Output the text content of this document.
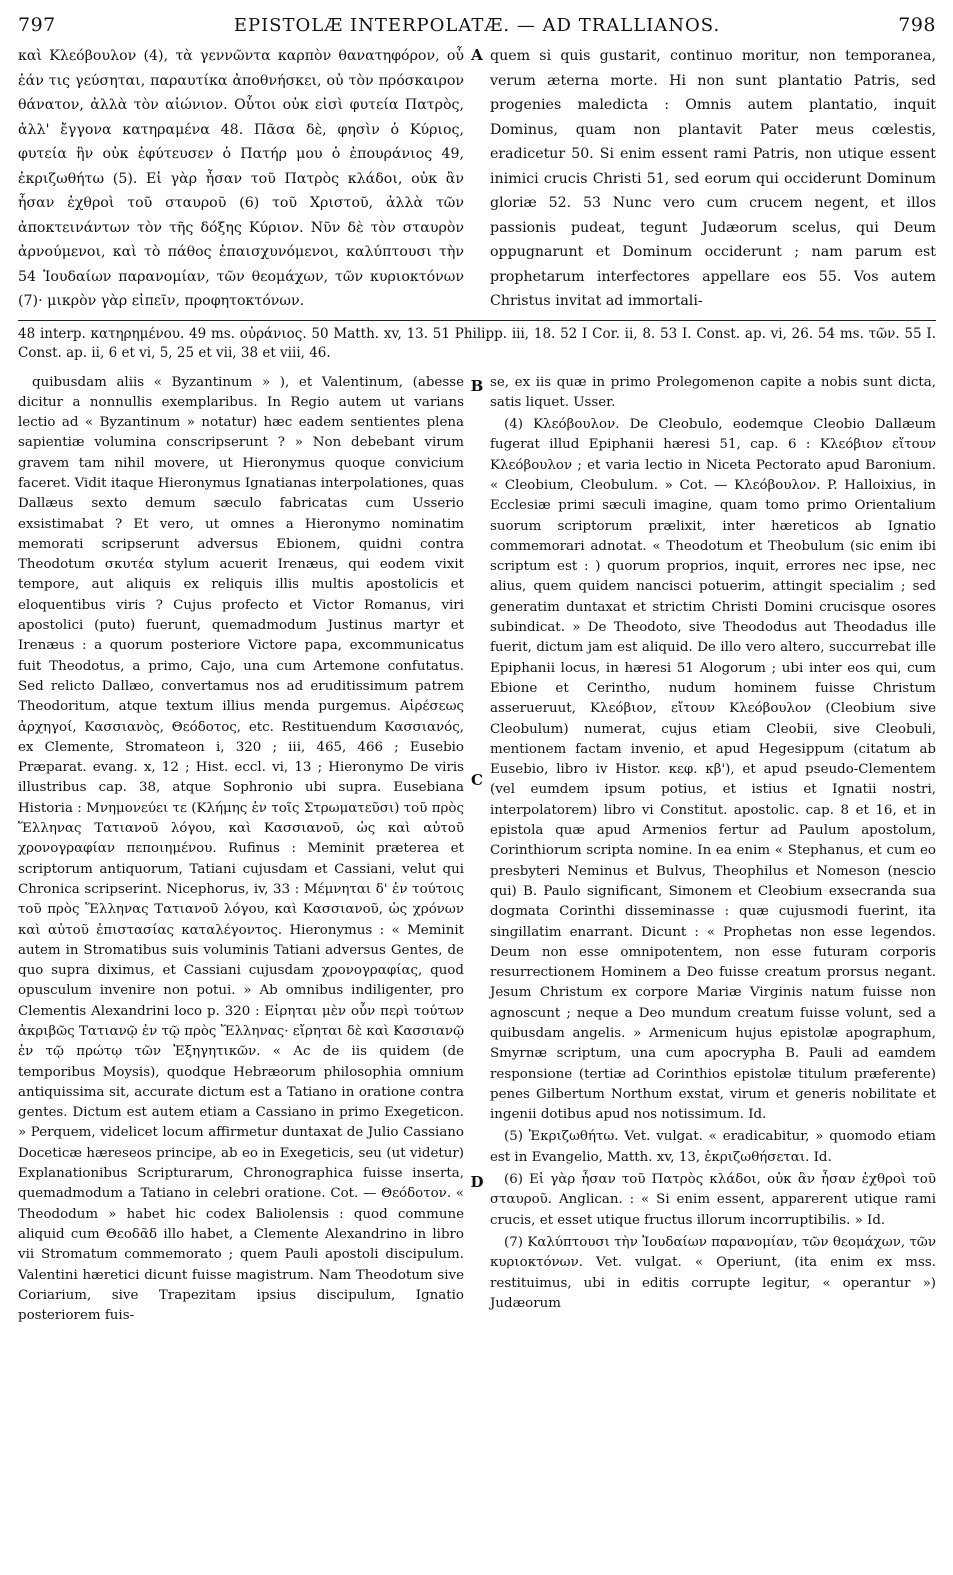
797	EPISTOLÆ INTERPOLATÆ. — AD TRALLIANOS.	798

καὶ Κλεόβουλον (4), τὰ γεννῶντα καρπὸν θανατηφόρον, οὗ ἐάν τις γεύσηται, παραυτίκα ἀποθνήσκει, οὐ τὸν πρόσκαιρον θάνατον, ἀλλὰ τὸν αἰώνιον. Οὗτοι οὐκ εἰσὶ φυτεία Πατρὸς, ἀλλ' ἔγγονα κατηραμένα 48. Πᾶσα δὲ, φησὶν ὁ Κύριος, φυτεία ἣν οὐκ ἐφύτευσεν ὁ Πατήρ μου ὁ ἐπουράνιος 49, ἐκριζωθήτω (5). Εἰ γὰρ ἦσαν τοῦ Πατρὸς κλάδοι, οὐκ ἂν ἦσαν ἐχθροὶ τοῦ σταυροῦ (6) τοῦ Χριστοῦ, ἀλλὰ τῶν ἀποκτεινάντων τὸν τῆς δόξης Κύριον. Νῦν δὲ τὸν σταυρὸν ἀρνούμενοι, καὶ τὸ πάθος ἐπαισχυνόμενοι, καλύπτουσι τὴν 54 Ἰουδαίων παρανομίαν, τῶν θεομάχων, τῶν κυριοκτόνων (7)· μικρὸν γὰρ εἰπεῖν, προφητοκτόνων.

A quem si quis gustarit, continuo moritur, non temporanea, verum æterna morte. Hi non sunt plantatio Patris, sed progenies maledicta : Omnis autem plantatio, inquit Dominus, quam non plantavit Pater meus cœlestis, eradicetur 50. Si enim essent rami Patris, non utique essent inimici crucis Christi 51, sed eorum qui occiderunt Dominum gloriæ 52. 53 Nunc vero cum crucem negent, et illos passionis pudeat, tegunt Judæorum scelus, qui Deum oppugnarunt et Dominum occiderunt ; nam parum est prophetarum interfectores appellare eos 55. Vos autem Christus invitat ad immortali-

48 interp. κατηρημένου. 49 ms. οὐράνιος. 50 Matth. xv, 13. 51 Philipp. iii, 18. 52 I Cor. ii, 8. 53 I. Const. ap. vi, 26. 54 ms. τῶν. 55 I. Const. ap. ii, 6 et vi, 5, 25 et vii, 38 et viii, 46.

quibusdam aliis « Byzantinum » ), et Valentinum, (abesse dicitur a nonnullis exemplaribus. In Regio autem ut varians lectio ad « Byzantinum » notatur) hæc eadem sentientes plena sapientiæ volumina conscripserunt ? » Non debebant virum gravem tam nihil movere, ut Hieronymus quoque convicium faceret. Vidit itaque Hieronymus Ignatianas interpolationes, quas Dallæus sexto demum sæculo fabricatas cum Usserio exsistimabat ? Et vero, ut omnes a Hieronymo nominatim memorati scripserunt adversus Ebionem, quidni contra Theodotum σκυτέα stylum acuerit Irenæus, qui eodem vixit tempore, aut aliquis ex reliquis illis multis apostolicis et eloquentibus viris ? Cujus profecto et Victor Romanus, viri apostolici (puto) fuerunt, quemadmodum Justinus martyr et Irenæus : a quorum posteriore Victore papa, excommunicatus fuit Theodotus, a primo, Cajo, una cum Artemone confutatus. Sed relicto Dallæo, convertamus nos ad eruditissimum patrem Theodoritum, atque textum illius menda purgemus. Αἱρέσεως ἀρχηγοί, Κασσιανὸς, Θεόδοτος, etc. Restituendum Κασσιανός, ex Clemente, Stromateon i, 320 ; iii, 465, 466 ; Eusebio Præparat. evang. x, 12 ; Hist. eccl. vi, 13 ; Hieronymo De viris illustribus cap. 38, atque Sophronio ubi supra. Eusebiana Historia : Μνημονεύει τε (Κλήμης ἐν τοῖς Στρωματεῦσι) τοῦ πρὸς Ἕλληνας Τατιανοῦ λόγου, καὶ Κασσιανοῦ, ὡς καὶ αὐτοῦ χρονογραφίαν πεποιημένου. Rufinus : Meminit præterea et scriptorum antiquorum, Tatiani cujusdam et Cassiani, velut qui Chronica scripserint. Nicephorus, iv, 33 : Μέμνηται δ' ἐν τούτοις τοῦ πρὸς Ἕλληνας Τατιανοῦ λόγου, καὶ Κασσιανοῦ, ὡς χρόνων καὶ αὐτοῦ ἐπιστασίας καταλέγοντος. Hieronymus : « Meminit autem in Stromatibus suis voluminis Tatiani adversus Gentes, de quo supra diximus, et Cassiani cujusdam χρονογραφίας, quod opusculum invenire non potui. » Ab omnibus indiligenter, pro Clementis Alexandrini loco p. 320 : Εἰρηται μὲν οὖν περὶ τούτων ἀκριβῶς Τατιανῷ ἐν τῷ πρὸς Ἕλληνας· εἴρηται δὲ καὶ Κασσιανῷ ἐν τῷ πρώτῳ τῶν Ἐξηγητικῶν. « Ac de iis quidem (de temporibus Moysis), quodque Hebræorum philosophia omnium antiquissima sit, accurate dictum est a Tatiano in oratione contra gentes. Dictum est autem etiam a Cassiano in primo Exegeticon. » Perquem, videlicet locum affirmetur duntaxat de Julio Cassiano Doceticæ hæreseos principe, ab eo in Exegeticis, seu (ut videtur) Explanationibus Scripturarum, Chronographica fuisse inserta, quemadmodum a Tatiano in celebri oratione. Cot. — Θεόδοτον. « Theododum » habet hic codex Baliolensis : quod commune aliquid cum Θεοδᾶδ illo habet, a Clemente Alexandrino in libro vii Stromatum commemorato ; quem Pauli apostoli discipulum. Valentini hæretici dicunt fuisse magistrum. Nam Theodotum sive Coriarium, sive Trapezitam ipsius discipulum, Ignatio posteriorem fuis-

B
C
D

se, ex iis quæ in primo Prolegomenon capite a nobis sunt dicta, satis liquet. Usser.

(4) Κλεόβουλον. De Cleobulo, eodemque Cleobio Dallæum fugerat illud Epiphanii hæresi 51, cap. 6 : Κλεόβιον εἴτουν Κλεόβουλον ; et varia lectio in Niceta Pectorato apud Baronium. « Cleobium, Cleobulum. » Cot. — Κλεόβουλον. P. Halloixius, in Ecclesiæ primi sæculi imagine, quam tomo primo Orientalium suorum scriptorum prælixit, inter hæreticos ab Ignatio commemorari adnotat. « Theodotum et Theobulum (sic enim ibi scriptum est : ) quorum proprios, inquit, errores nec ipse, nec alius, quem quidem nancisci potuerim, attingit specialim ; sed generatim duntaxat et strictim Christi Domini crucisque osores subindicat. » De Theodoto, sive Theododus aut Theodadus ille fuerit, dictum jam est aliquid. De illo vero altero, succurrebat ille Epiphanii locus, in hæresi 51 Alogorum ; ubi inter eos qui, cum Ebione et Cerintho, nudum hominem fuisse Christum asserueruut, Κλεόβιον, εἴτουν Κλεόβουλον (Cleobium sive Cleobulum) numerat, cujus etiam Cleobii, sive Cleobuli, mentionem factam invenio, et apud Hegesippum (citatum ab Eusebio, libro iv Histor. κεφ. κβ'), et apud pseudo-Clementem (vel eumdem ipsum potius, et istius et Ignatii nostri, interpolatorem) libro vi Constitut. apostolic. cap. 8 et 16, et in epistola quæ apud Armenios fertur ad Paulum apostolum, Corinthiorum scripta nomine. In ea enim « Stephanus, et cum eo presbyteri Neminus et Bulvus, Theophilus et Nomeson (nescio qui) B. Paulo significant, Simonem et Cleobium exsecranda sua dogmata Corinthi disseminasse : quæ cujusmodi fuerint, ita singillatim enarrant. Dicunt : « Prophetas non esse legendos. Deum non esse omnipotentem, non esse futuram corporis resurrectionem Hominem a Deo fuisse creatum prorsus negant. Jesum Christum ex corpore Mariæ Virginis natum fuisse non agnoscunt ; neque a Deo mundum creatum fuisse volunt, sed a quibusdam angelis. » Armenicum hujus epistolæ apographum, Smyrnæ scriptum, una cum apocrypha B. Pauli ad eamdem responsione (tertiæ ad Corinthios epistolæ titulum præferente) penes Gilbertum Northum exstat, virum et generis nobilitate et ingenii dotibus apud nos notissimum. Id.

(5) Ἐκριζωθήτω. Vet. vulgat. « eradicabitur, » quomodo etiam est in Evangelio, Matth. xv, 13, ἐκριζωθήσεται. Id.

(6) Εἰ γὰρ ἦσαν τοῦ Πατρὸς κλάδοι, οὐκ ἂν ἦσαν ἐχθροὶ τοῦ σταυροῦ. Anglican. : « Si enim essent, apparerent utique rami crucis, et esset utique fructus illorum incorruptibilis. » Id.

(7) Καλύπτουσι τὴν Ἰουδαίων παρανομίαν, τῶν θεομάχων, τῶν κυριοκτόνων. Vet. vulgat. « Operiunt, (ita enim ex mss. restituimus, ubi in editis corrupte legitur, « operantur ») Judæorum
